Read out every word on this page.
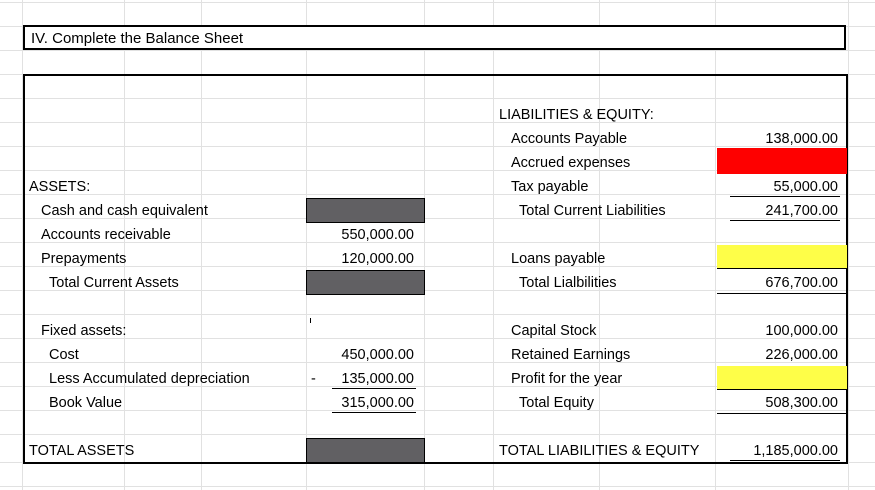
IV. Complete the Balance Sheet
ASSETS:
Cash and cash equivalent
Accounts receivable	550,000.00
Prepayments	120,000.00
Total Current Assets
Fixed assets:
Cost	450,000.00
Less Accumulated depreciation	-	135,000.00
Book Value	315,000.00
TOTAL ASSETS
LIABILITIES & EQUITY:
Accounts Payable	138,000.00
Accrued expenses
Tax payable	55,000.00
Total Current Liabilities	241,700.00
Loans payable
Total Lialbilities	676,700.00
Capital Stock	100,000.00
Retained Earnings	226,000.00
Profit for the year
Total Equity	508,300.00
TOTAL LIABILITIES & EQUITY	1,185,000.00
